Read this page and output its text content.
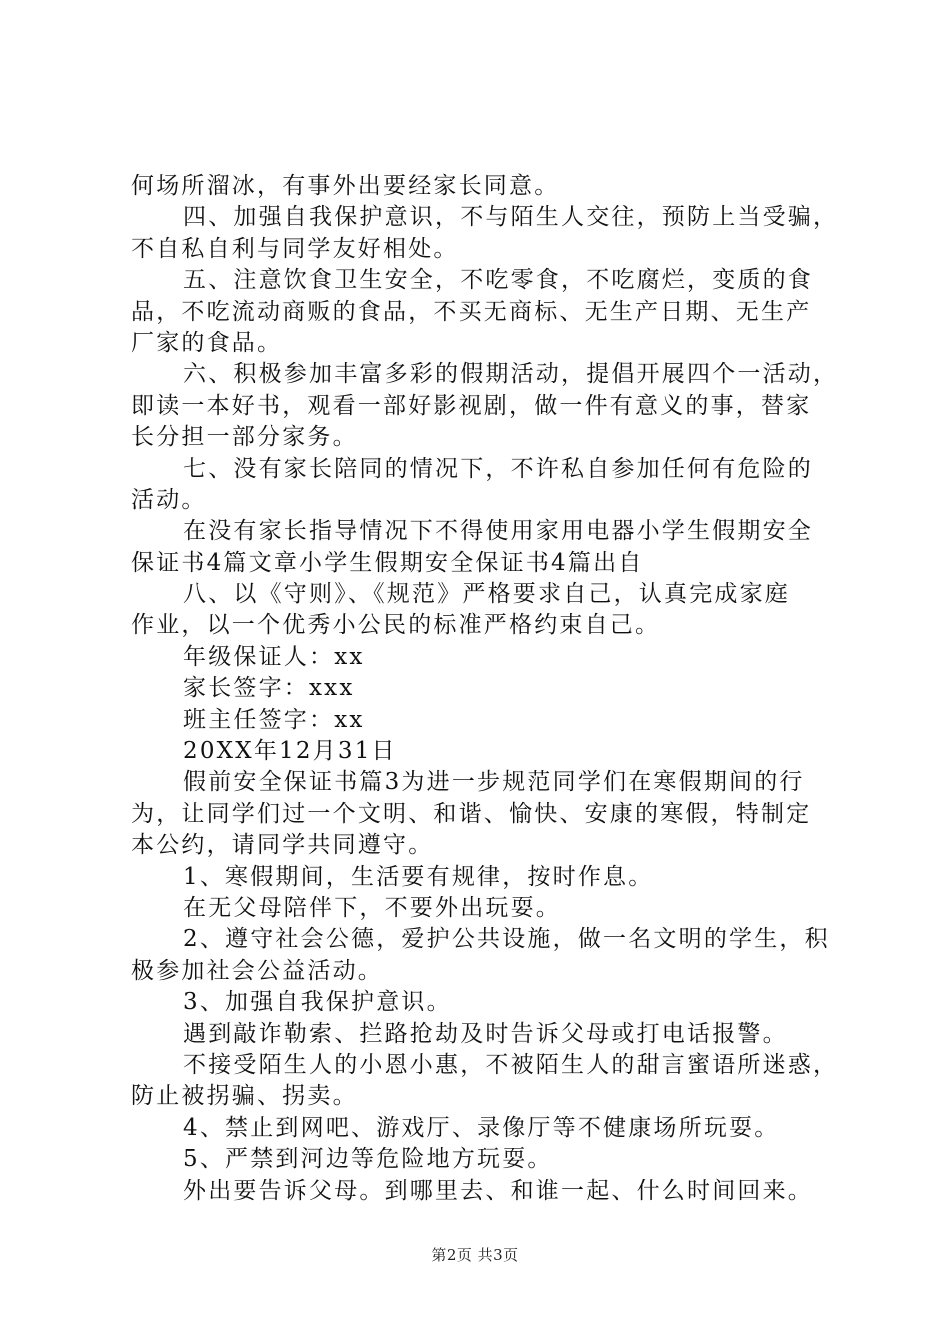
何场所溜冰，有事外出要经家长同意。
四、加强自我保护意识，不与陌生人交往，预防上当受骗，
不自私自利与同学友好相处。
五、注意饮食卫生安全，不吃零食，不吃腐烂，变质的食
品，不吃流动商贩的食品，不买无商标、无生产日期、无生产
厂家的食品。
六、积极参加丰富多彩的假期活动，提倡开展四个一活动，
即读一本好书，观看一部好影视剧，做一件有意义的事，替家
长分担一部分家务。
七、没有家长陪同的情况下，不许私自参加任何有危险的
活动。
在没有家长指导情况下不得使用家用电器小学生假期安全
保证书4篇文章小学生假期安全保证书4篇出自
八、以《守则》、《规范》严格要求自己，认真完成家庭
作业，以一个优秀小公民的标准严格约束自己。
年级保证人：xx
家长签字：xxx
班主任签字：xx
20XX年12月31日
假前安全保证书篇3为进一步规范同学们在寒假期间的行
为，让同学们过一个文明、和谐、愉快、安康的寒假，特制定
本公约，请同学共同遵守。
1、寒假期间，生活要有规律，按时作息。
在无父母陪伴下，不要外出玩耍。
2、遵守社会公德，爱护公共设施，做一名文明的学生，积
极参加社会公益活动。
3、加强自我保护意识。
遇到敲诈勒索、拦路抢劫及时告诉父母或打电话报警。
不接受陌生人的小恩小惠，不被陌生人的甜言蜜语所迷惑，
防止被拐骗、拐卖。
4、禁止到网吧、游戏厅、录像厅等不健康场所玩耍。
5、严禁到河边等危险地方玩耍。
外出要告诉父母。到哪里去、和谁一起、什么时间回来。
第2页 共3页
